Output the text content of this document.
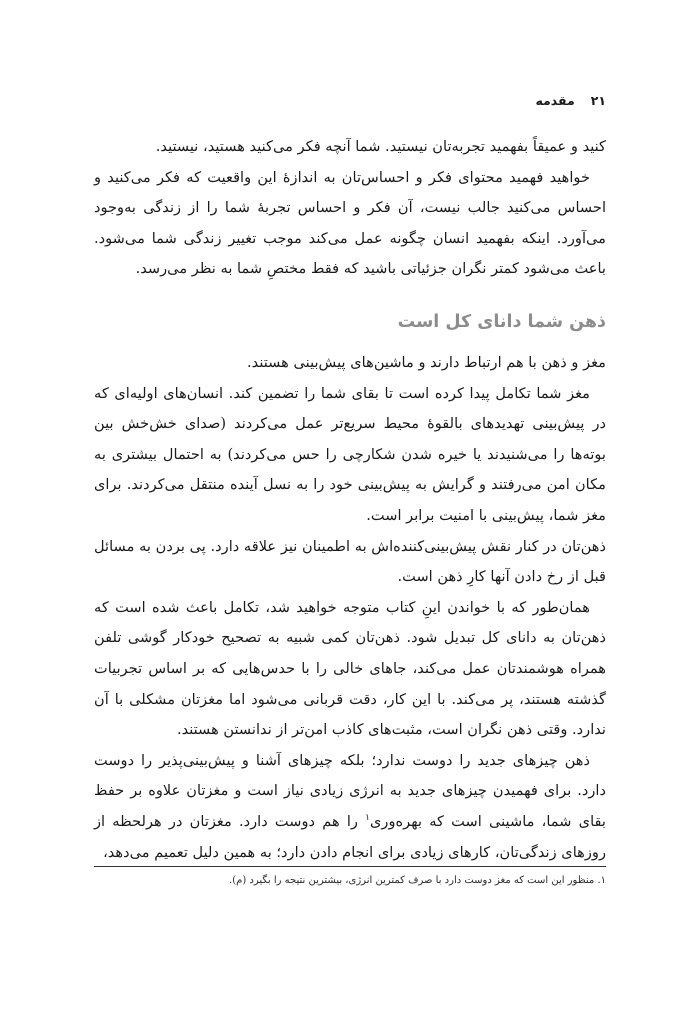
۲۱
مقدمه

کنید و عمیقاً بفهمید تجربه‌تان نیستید. شما آنچه فکر می‌کنید هستید، نیستید.

خواهید فهمید محتوای فکر و احساس‌تان به اندازهٔ این واقعیت که فکر می‌کنید و احساس می‌کنید جالب نیست، آن فکر و احساس تجربهٔ شما را از زندگی به‌وجود می‌آورد. اینکه بفهمید انسان چگونه عمل می‌کند موجب تغییر زندگی شما می‌شود. باعث می‌شود کمتر نگران جزئیاتی باشید که فقط مختصِ شما به نظر می‌رسد.

ذهن شما دانای کل است

مغز و ذهن با هم ارتباط دارند و ماشین‌های پیش‌بینی هستند.

مغز شما تکامل پیدا کرده است تا بقای شما را تضمین کند. انسان‌های اولیه‌ای که در پیش‌بینی تهدیدهای بالقوهٔ محیط سریع‌تر عمل می‌کردند (صدای خش‌خش بین بوته‌ها را می‌شنیدند یا خیره شدن شکارچی را حس می‌کردند) به احتمال بیشتری به مکان امن می‌رفتند و گرایش به پیش‌بینی خود را به نسل آینده منتقل می‌کردند. برای مغز شما، پیش‌بینی با امنیت برابر است.

ذهن‌تان در کنار نقش پیش‌بینی‌کننده‌اش به اطمینان نیز علاقه دارد. پی بردن به مسائل قبل از رخ دادن آنها کارِ ذهن است.

همان‌طور که با خواندن اینِ کتاب متوجه خواهید شد، تکامل باعث شده است که ذهن‌تان به دانای کل تبدیل شود. ذهن‌تان کمی شبیه به تصحیح خودکار گوشی تلفن همراه هوشمندتان عمل می‌کند، جاهای خالی را با حدس‌هایی که بر اساس تجربیات گذشته هستند، پر می‌کند. با این کار، دقت قربانی می‌شود اما مغزتان مشکلی با آن ندارد. وقتی ذهن نگران است، مثبت‌های کاذب امن‌تر از ندانستن هستند.

ذهن چیزهای جدید را دوست ندارد؛ بلکه چیزهای آشنا و پیش‌بینی‌پذیر را دوست دارد. برای فهمیدن چیزهای جدید به انرژی زیادی نیاز است و مغزتان علاوه بر حفظ بقای شما، ماشینی است که بهره‌وری$^۱$ را هم دوست دارد. مغزتان در هرلحظه از روزهای زندگی‌تان، کارهای زیادی برای انجام دادن دارد؛ به همین دلیل تعمیم می‌دهد،

۱. منظور این است که مغز دوست دارد با صرف کمترین انرژی، بیشترین نتیجه را بگیرد (م).
